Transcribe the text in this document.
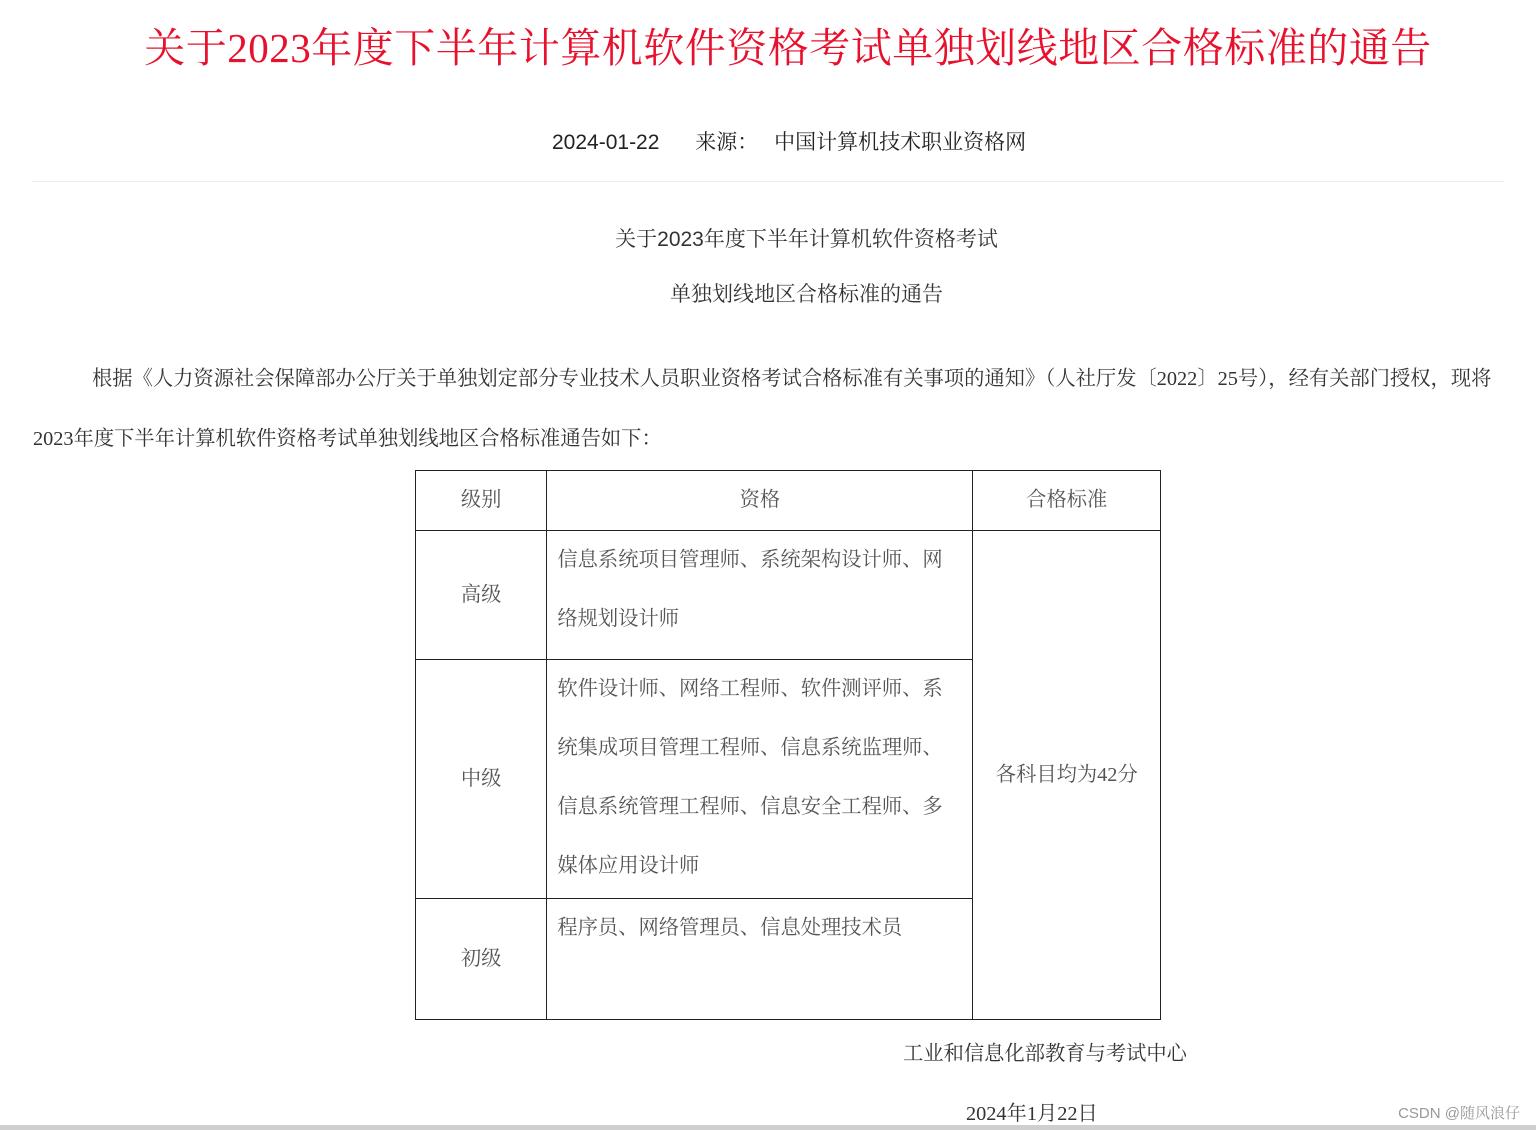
关于2023年度下半年计算机软件资格考试单独划线地区合格标准的通告
2024-01-22 来源： 中国计算机技术职业资格网
关于2023年度下半年计算机软件资格考试
单独划线地区合格标准的通告

根据《人力资源社会保障部办公厅关于单独划定部分专业技术人员职业资格考试合格标准有关事项的通知》（人社厅发〔2022〕25号），经有关部门授权，现将2023年度下半年计算机软件资格考试单独划线地区合格标准通告如下：

级别	资格	合格标准
高级	信息系统项目管理师、系统架构设计师、网络规划设计师	各科目均为42分
中级	软件设计师、网络工程师、软件测评师、系统集成项目管理工程师、信息系统监理师、信息系统管理工程师、信息安全工程师、多媒体应用设计师	
初级	程序员、网络管理员、信息处理技术员	
工业和信息化部教育与考试中心
2024年1月22日	CSDN @随风浪仔
